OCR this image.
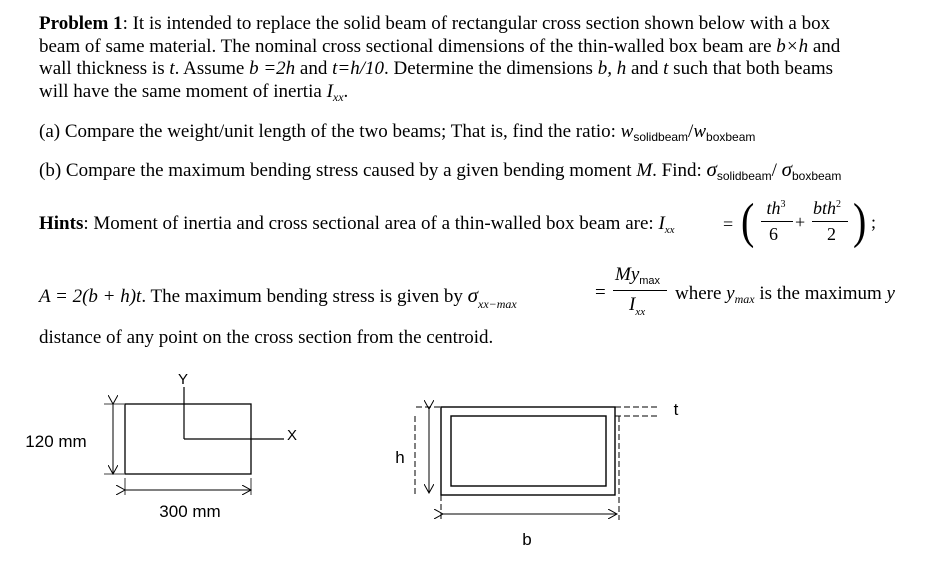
Problem 1: It is intended to replace the solid beam of rectangular cross section shown below with a box
beam of same material. The nominal cross sectional dimensions of the thin-walled box beam are b×h and
wall thickness is t. Assume b =2h and t=h/10. Determine the dimensions b, h and t such that both beams
will have the same moment of inertia $I_{xx}$.
(a) Compare the weight/unit length of the two beams; That is, find the ratio: $w_{solidbeam}/w_{boxbeam}$
(b) Compare the maximum bending stress caused by a given bending moment M. Find: $\sigma_{solidbeam}/$ $\sigma_{boxbeam}$
Hints: Moment of inertia and cross sectional area of a thin-walled box beam are: $I_{xx}$	= ( $th^3$
6
+
bth$^2$
2 ) ;
A = 2(b + h)t. The maximum bending stress is given by $\sigma_{xx-max}$
=
$My_{max}$
$I_{xx}$
where $y_{max}$ is the maximum y
distance of any point on the cross section from the centroid.
Y
X
120 mm
300 mm
h
b
t
